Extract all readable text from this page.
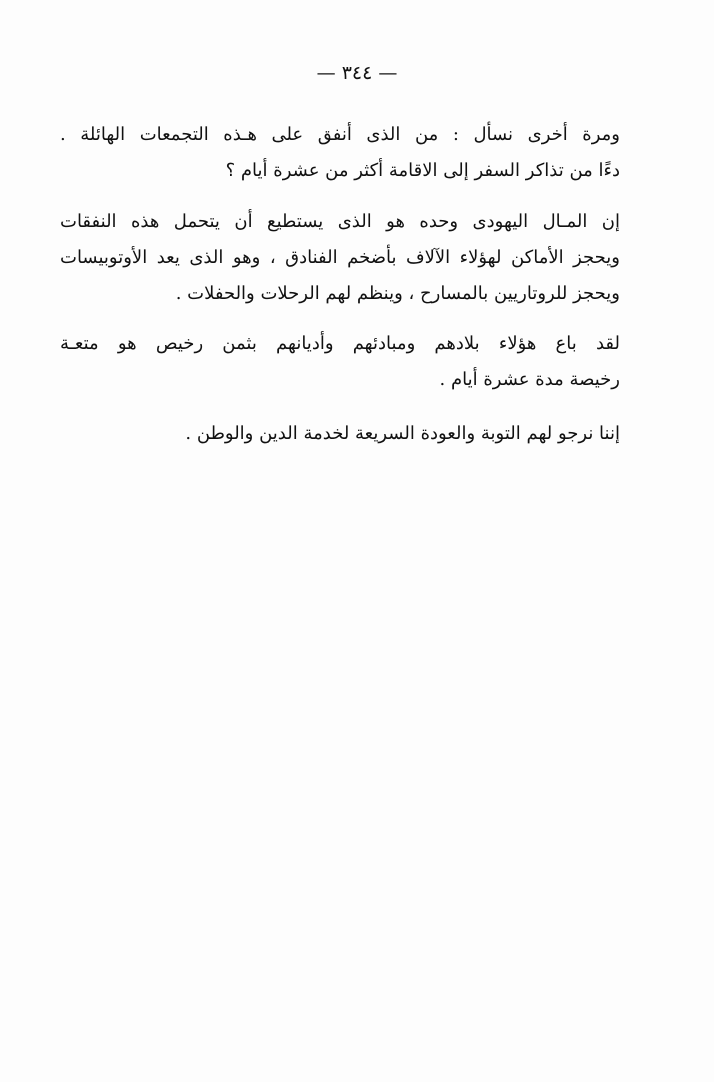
— ٣٤٤ —
ومرة أخرى نسأل : من الذى أنفق على هـذه التجمعات الهائلة .
دءًا من تذاكر السفر إلى الاقامة أكثر من عشرة أيام ؟
إن المـال اليهودى وحده هو الذى يستطيع أن يتحمل هذه النفقات
ويحجز الأماكن لهؤلاء الآلاف بأضخم الفنادق ، وهو الذى يعد الأوتوبيسات
ويحجز للروتاريين بالمسارح ، وينظم لهم الرحلات والحفلات .
لقد باع هؤلاء بلادهم ومبادئهم وأديانهم بثمن رخيص هو متعـة
رخيصة مدة عشرة أيام .
إننا نرجو لهم التوبة والعودة السريعة لخدمة الدين والوطن .
